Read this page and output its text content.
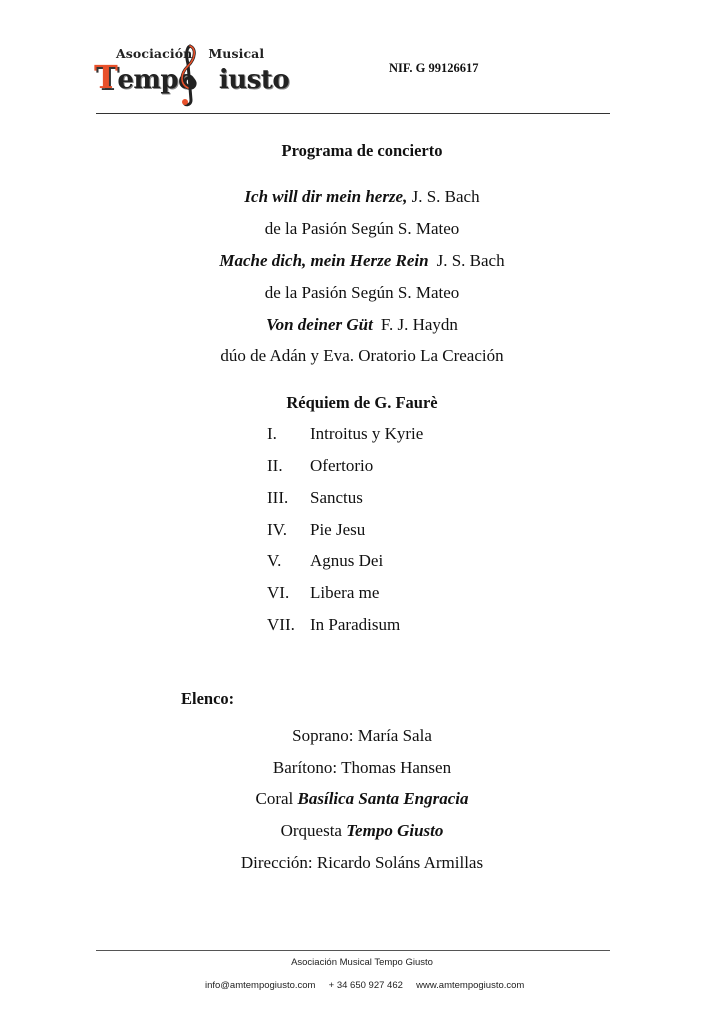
Asociación Musical
Tempo iusto	NIF. G 99126617
Programa de concierto
Ich will dir mein herze, J. S. Bach
de la Pasión Según S. Mateo
Mache dich, mein Herze Rein J. S. Bach
de la Pasión Según S. Mateo
Von deiner Güt F. J. Haydn
dúo de Adán y Eva. Oratorio La Creación
Réquiem de G. Faurè
I. Introitus y Kyrie
II. Ofertorio
III. Sanctus
IV. Pie Jesu
V. Agnus Dei
VI. Libera me
VII. In Paradisum
Elenco:
Soprano: María Sala
Barítono: Thomas Hansen
Coral Basílica Santa Engracia
Orquesta Tempo Giusto
Dirección: Ricardo Soláns Armillas
Asociación Musical Tempo Giusto

info@amtempogiusto.com + 34 650 927 462 www.amtempogiusto.com
